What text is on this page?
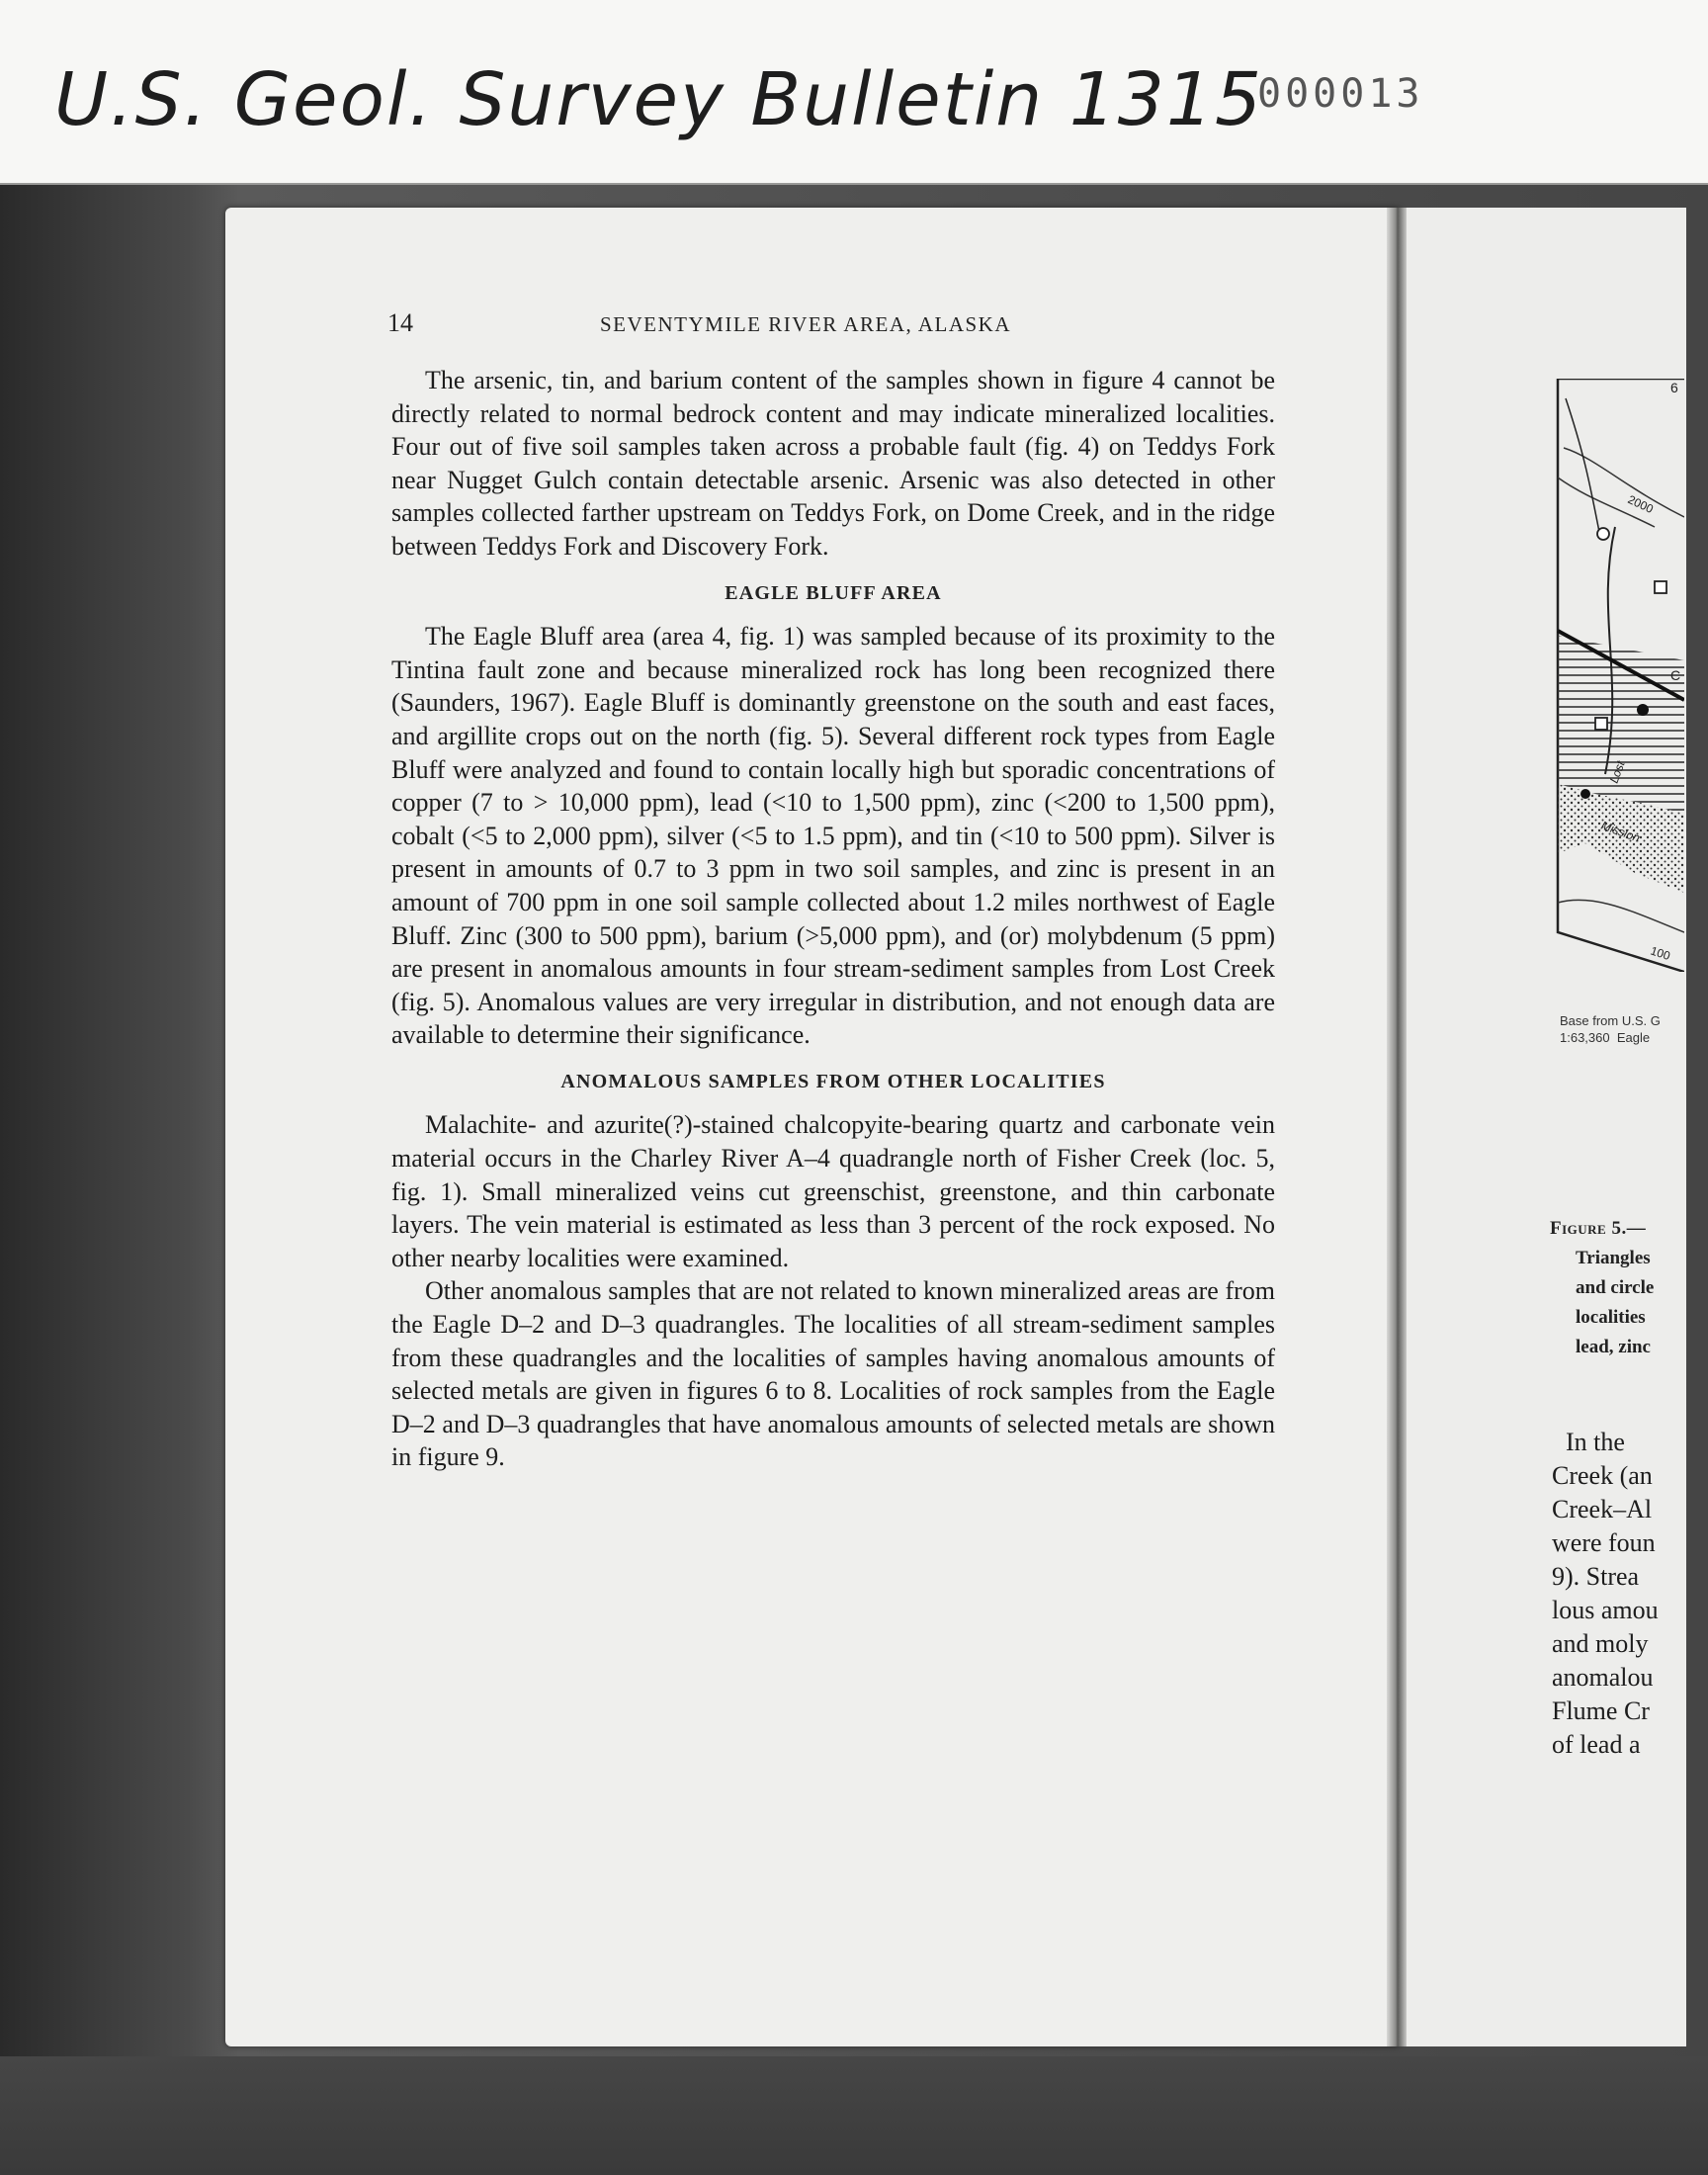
U.S. Geol. Survey Bulletin 1315
000013
14	SEVENTYMILE RIVER AREA, ALASKA

The arsenic, tin, and barium content of the samples shown in figure 4 cannot be directly related to normal bedrock content and may indicate mineralized localities. Four out of five soil samples taken across a probable fault (fig. 4) on Teddys Fork near Nugget Gulch contain detectable arsenic. Arsenic was also detected in other samples collected farther upstream on Teddys Fork, on Dome Creek, and in the ridge between Teddys Fork and Discovery Fork.

EAGLE BLUFF AREA

The Eagle Bluff area (area 4, fig. 1) was sampled because of its proximity to the Tintina fault zone and because mineralized rock has long been recognized there (Saunders, 1967). Eagle Bluff is dominantly greenstone on the south and east faces, and argillite crops out on the north (fig. 5). Several different rock types from Eagle Bluff were analyzed and found to contain locally high but sporadic concentrations of copper (7 to > 10,000 ppm), lead (<10 to 1,500 ppm), zinc (<200 to 1,500 ppm), cobalt (<5 to 2,000 ppm), silver (<5 to 1.5 ppm), and tin (<10 to 500 ppm). Silver is present in amounts of 0.7 to 3 ppm in two soil samples, and zinc is present in an amount of 700 ppm in one soil sample collected about 1.2 miles northwest of Eagle Bluff. Zinc (300 to 500 ppm), barium (>5,000 ppm), and (or) molybdenum (5 ppm) are present in anomalous amounts in four stream-sediment samples from Lost Creek (fig. 5). Anomalous values are very irregular in distribution, and not enough data are available to determine their significance.

ANOMALOUS SAMPLES FROM OTHER LOCALITIES

Malachite- and azurite(?)-stained chalcopyite-bearing quartz and carbonate vein material occurs in the Charley River A–4 quadrangle north of Fisher Creek (loc. 5, fig. 1). Small mineralized veins cut greenschist, greenstone, and thin carbonate layers. The vein material is estimated as less than 3 percent of the rock exposed. No other nearby localities were examined.

Other anomalous samples that are not related to known mineralized areas are from the Eagle D–2 and D–3 quadrangles. The localities of all stream-sediment samples from these quadrangles and the localities of samples having anomalous amounts of selected metals are given in figures 6 to 8. Localities of rock samples from the Eagle D–2 and D–3 quadrangles that have anomalous amounts of selected metals are shown in figure 9.

6
2000
C
Lost
Mission
100
Base from U.S. G
1:63,360  Eagle
Figure 5.—
Triangles
and circle
localities
lead, zinc
In the
Creek (an
Creek–Al
were foun
9). Strea
lous amou
and moly
anomalou
Flume Cr
of lead a
